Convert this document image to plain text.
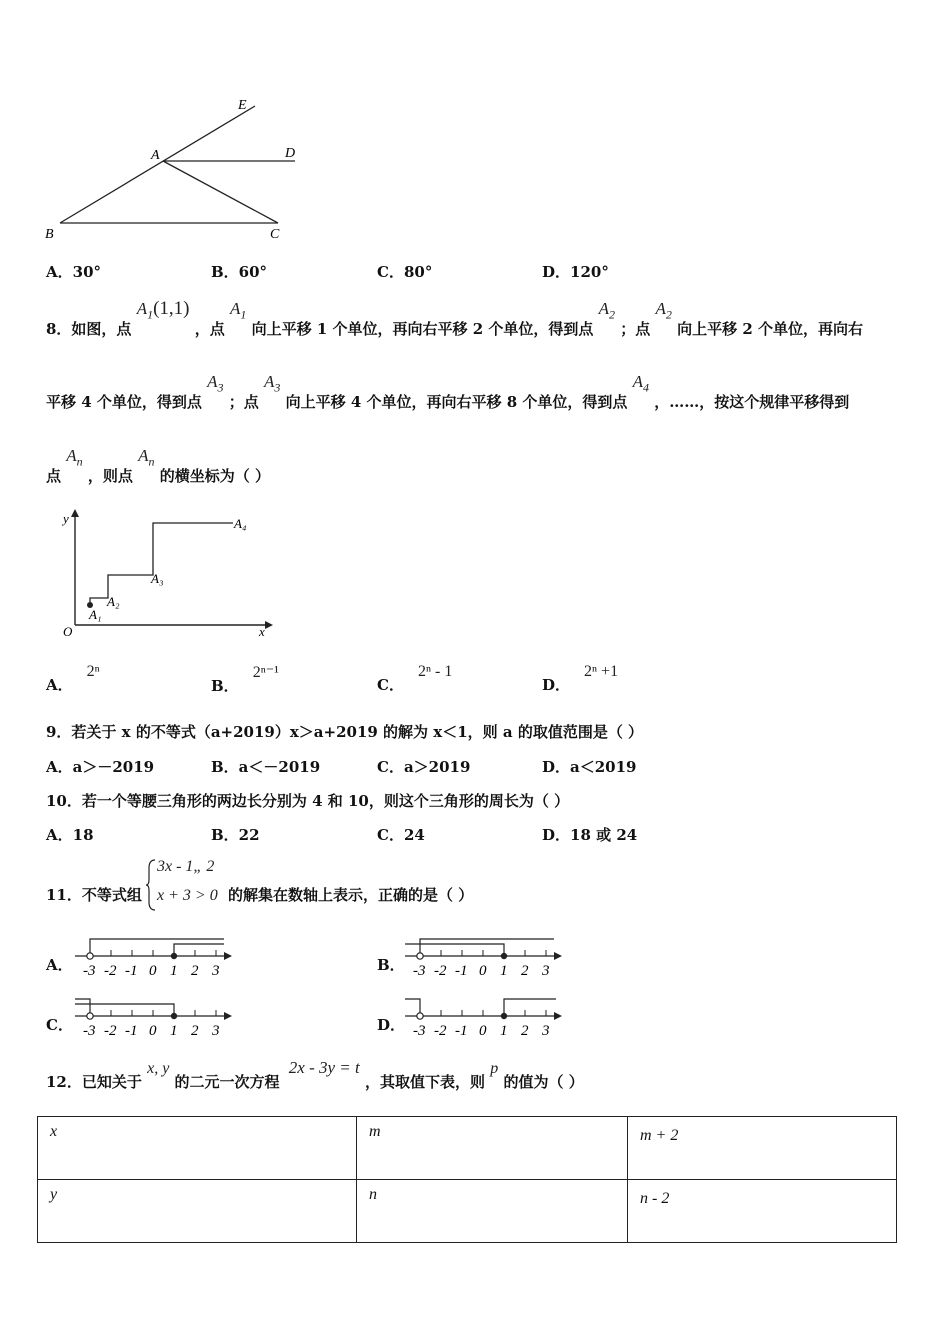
E
A	D
B	C
A．30°	B．60°	C．80°	D．120°
8．如图，点 $A_1(1,1)$ ，点 $A_1$ 向上平移 1 个单位，再向右平移 2 个单位，得到点 $A_2$ ；点 $A_2$ 向上平移 2 个单位，再向右
平移 4 个单位，得到点 $A_3$ ；点 $A_3$ 向上平移 4 个单位，再向右平移 8 个单位，得到点 $A_4$ ，……，按这个规律平移得到
点 $A_n$ ，则点 $A_n$ 的横坐标为（ ）
y
x
O
A₁
A₂
A₃
A₄
A．2ⁿ
B．2ⁿ⁻¹
C．2ⁿ - 1
D．2ⁿ +1
9．若关于 x 的不等式（a+2019）x＞a+2019 的解为 x＜1，则 a 的取值范围是（ ）
A．a＞－2019	B．a＜－2019	C．a＞2019	D．a＜2019
10．若一个等腰三角形的两边长分别为 4 和 10，则这个三角形的周长为（ ）
A．18	B．22	C．24	D．18 或 24
11．不等式组
3x - 1„ 2
x + 3 > 0 的解集在数轴上表示，正确的是（ ）
A．	B．
C．	D．
-3 -2 -1 0 1 2 3	-3 -2 -1 0 1 2 3
-3 -2 -1 0 1 2 3	-3 -2 -1 0 1 2 3
12．已知关于 x, y 的二元一次方程 2x - 3y = t ，其取值下表，则 p 的值为（ ）
x	m	m + 2
y	n	n - 2
